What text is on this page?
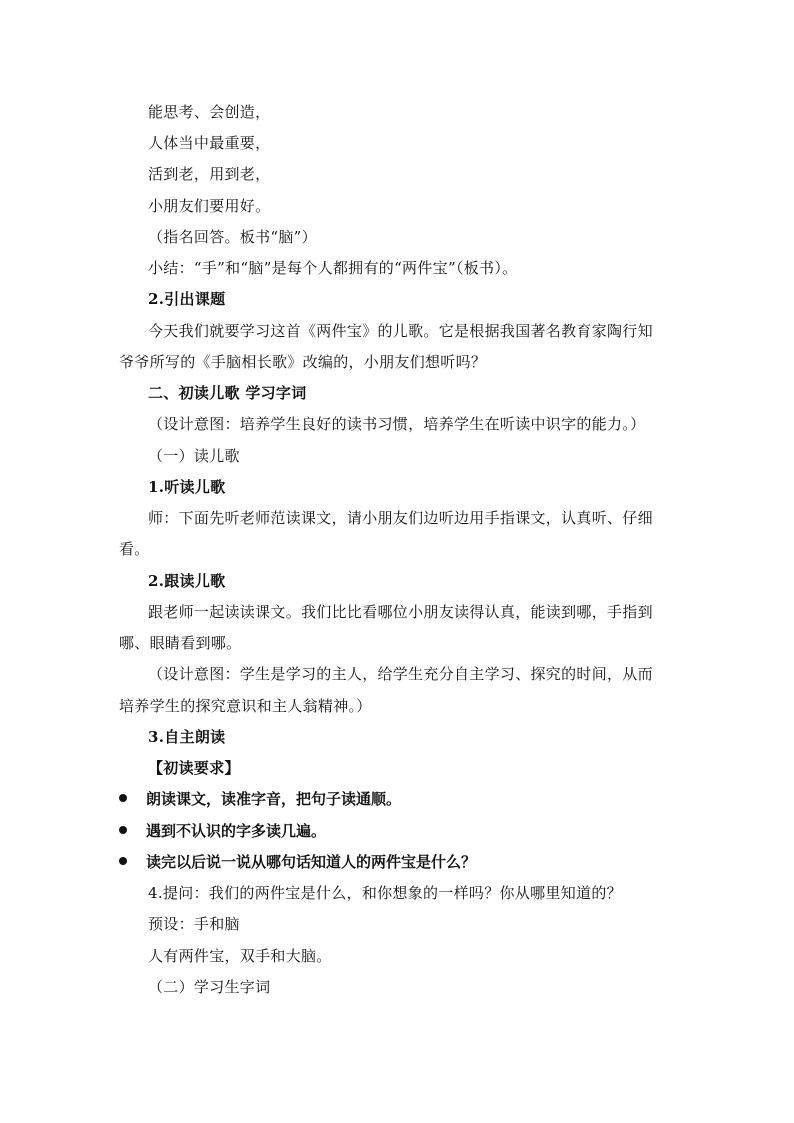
能思考、会创造，
人体当中最重要，
活到老，用到老，
小朋友们要用好。
（指名回答。板书“脑”）
小结：“手”和“脑”是每个人都拥有的“两件宝”（板书）。
2.引出课题
今天我们就要学习这首《两件宝》的儿歌。它是根据我国著名教育家陶行知
爷爷所写的《手脑相长歌》改编的，小朋友们想听吗？
二、初读儿歌 学习字词
（设计意图：培养学生良好的读书习惯，培养学生在听读中识字的能力。）
（一）读儿歌
1.听读儿歌
师：下面先听老师范读课文，请小朋友们边听边用手指课文，认真听、仔细
看。
2.跟读儿歌
跟老师一起读读课文。我们比比看哪位小朋友读得认真，能读到哪，手指到
哪、眼睛看到哪。
（设计意图：学生是学习的主人，给学生充分自主学习、探究的时间，从而
培养学生的探究意识和主人翁精神。）
3.自主朗读
【初读要求】
朗读课文，读准字音，把句子读通顺。
遇到不认识的字多读几遍。
读完以后说一说从哪句话知道人的两件宝是什么？
4.提问：我们的两件宝是什么，和你想象的一样吗？你从哪里知道的？
预设：手和脑
人有两件宝，双手和大脑。
（二）学习生字词
